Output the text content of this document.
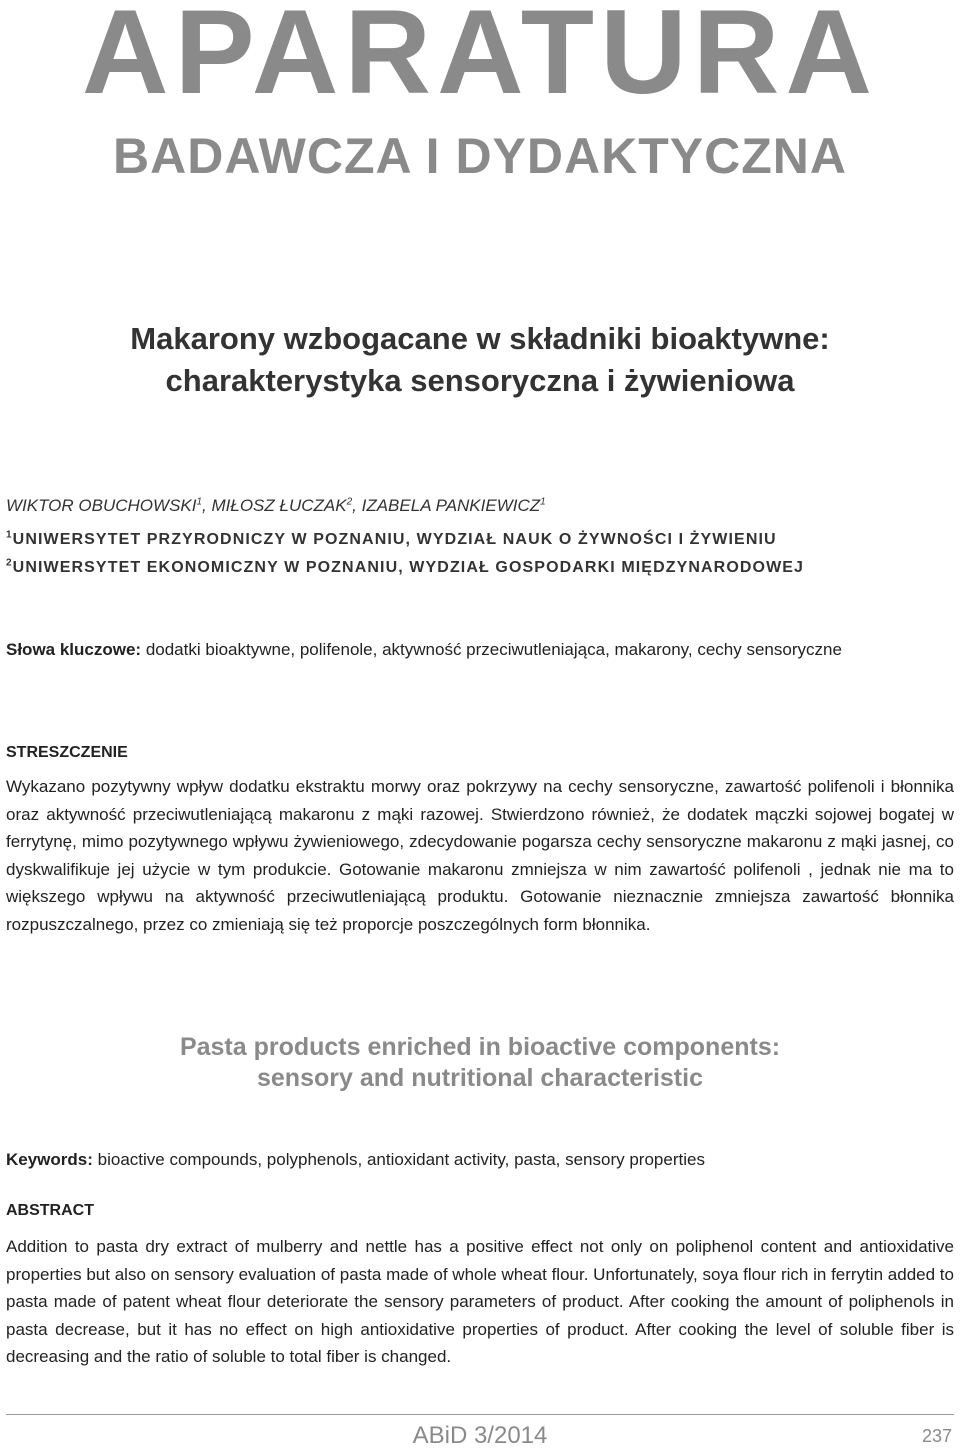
APARATURA
BADAWCZA I DYDAKTYCZNA
Makarony wzbogacane w składniki bioaktywne:
charakterystyka sensoryczna i żywieniowa
WIKTOR OBUCHOWSKI$^1$, MIŁOSZ ŁUCZAK$^2$, IZABELA PANKIEWICZ$^1$
$^1$UNIWERSYTET PRZYRODNICZY W POZNANIU, WYDZIAŁ NAUK O ŻYWNOŚCI I ŻYWIENIU
$^2$UNIWERSYTET EKONOMICZNY W POZNANIU, WYDZIAŁ GOSPODARKI MIĘDZYNARODOWEJ
Słowa kluczowe: dodatki bioaktywne, polifenole, aktywność przeciwutleniająca, makarony, cechy sensoryczne
STRESZCZENIE
Wykazano pozytywny wpływ dodatku ekstraktu morwy oraz pokrzywy na cechy sensoryczne, zawartość polifenoli i błonnika oraz aktywność przeciwutleniającą makaronu z mąki razowej. Stwierdzono również, że dodatek mączki sojowej bogatej w ferrytynę, mimo pozytywnego wpływu żywieniowego, zdecydowanie pogarsza cechy sensoryczne makaronu z mąki jasnej, co dyskwalifikuje jej użycie w tym produkcie. Gotowanie makaronu zmniejsza w nim zawartość polifenoli , jednak nie ma to większego wpływu na aktywność przeciwutleniającą produktu. Gotowanie nieznacznie zmniejsza zawartość błonnika rozpuszczalnego, przez co zmieniają się też proporcje poszczególnych form błonnika.
Pasta products enriched in bioactive components:
sensory and nutritional characteristic
Keywords: bioactive compounds, polyphenols, antioxidant activity, pasta, sensory properties
ABSTRACT
Addition to pasta dry extract of mulberry and nettle has a positive effect not only on poliphenol content and antioxidative properties but also on sensory evaluation of pasta made of whole wheat flour. Unfortunately, soya flour rich in ferrytin added to pasta made of patent wheat flour deteriorate the sensory parameters of product. After cooking the amount of poliphenols in pasta decrease, but it has no effect on high antioxidative properties of product. After cooking the level of soluble fiber is decreasing and the ratio of soluble to total fiber is changed.
ABiD 3/2014	237
